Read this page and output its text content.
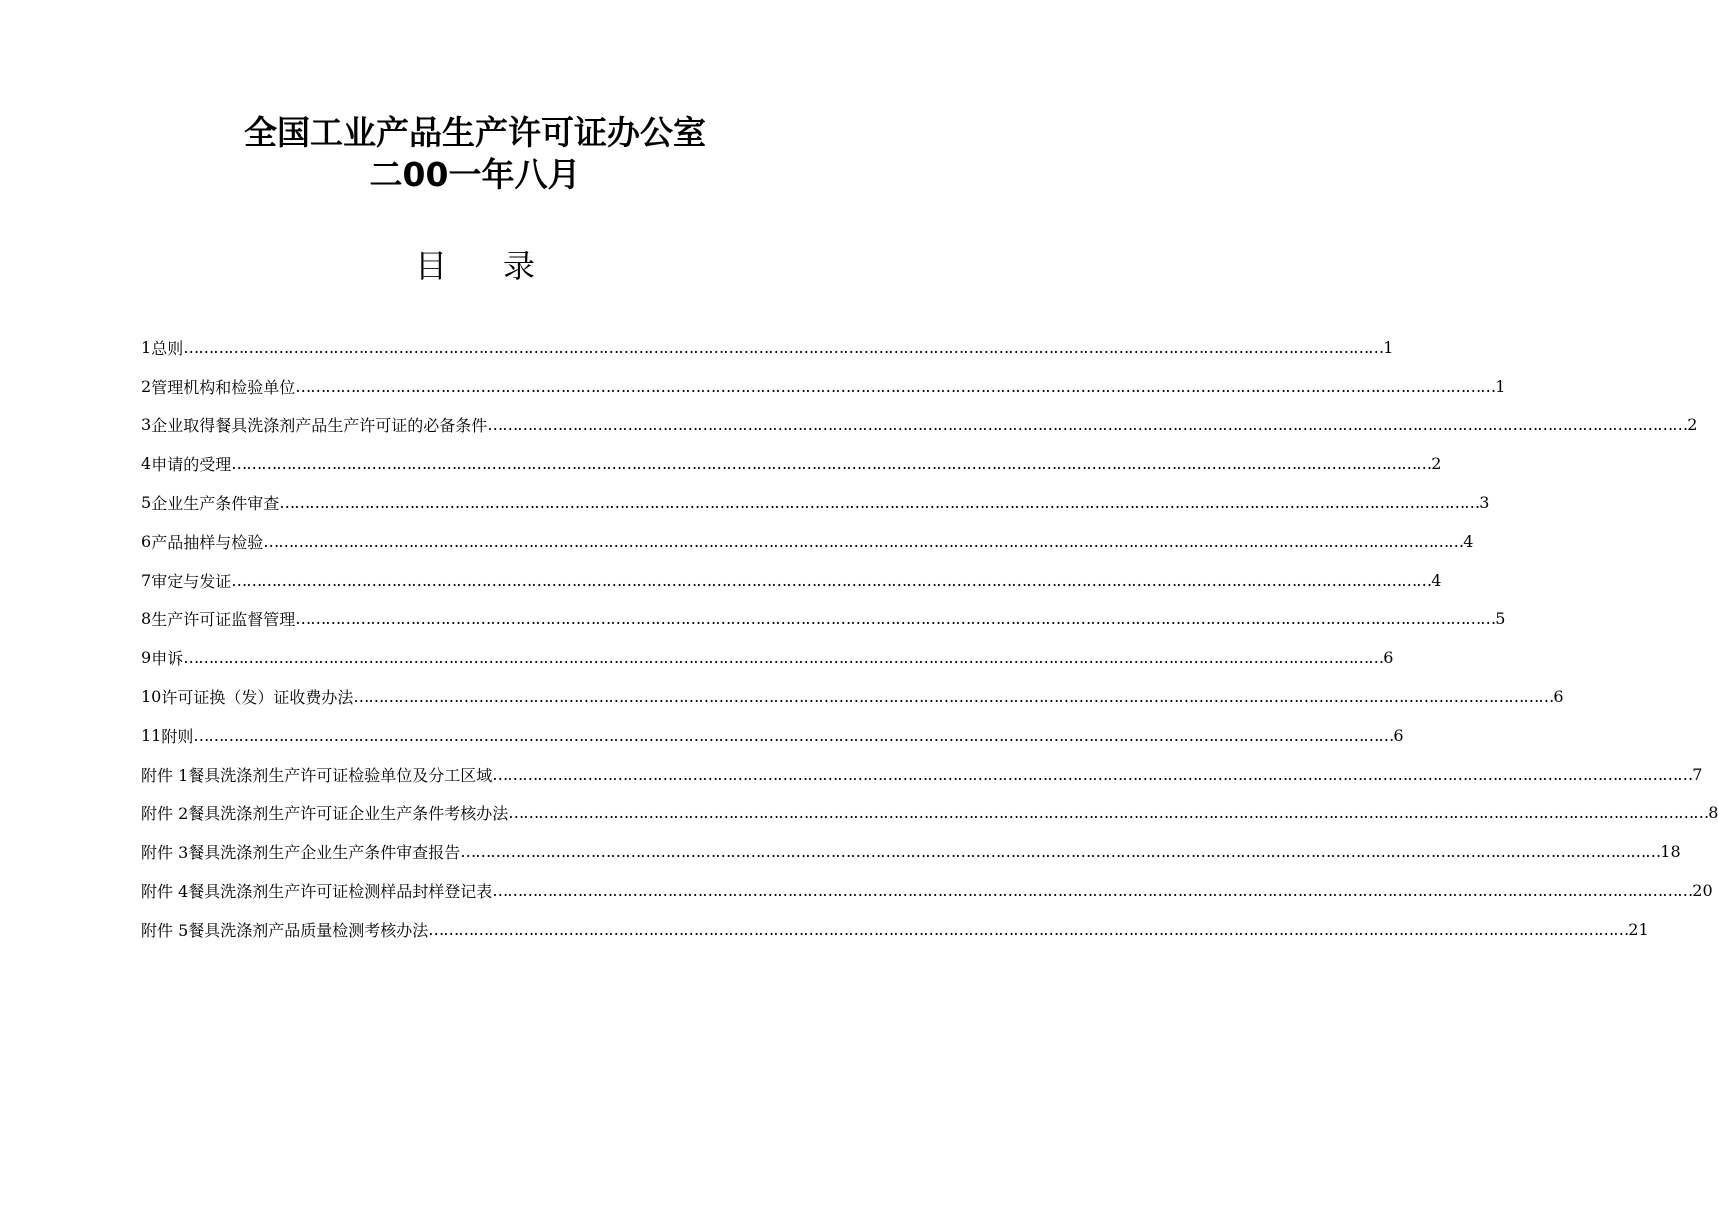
全国工业产品生产许可证办公室
二00一年八月
目 录
1 总则 …………………………………………………………………………………………………………………………………………………………………………………………………………………… 1
2 管理机构和检验单位 …………………………………………………………………………………………………………………………………………………………………………………………………………………… 1
3 企业取得餐具洗涤剂产品生产许可证的必备条件 …………………………………………………………………………………………………………………………………………………………………………………………………………………… 2
4 申请的受理 …………………………………………………………………………………………………………………………………………………………………………………………………………………… 2
5 企业生产条件审查 …………………………………………………………………………………………………………………………………………………………………………………………………………………… 3
6 产品抽样与检验 …………………………………………………………………………………………………………………………………………………………………………………………………………………… 4
7 审定与发证 …………………………………………………………………………………………………………………………………………………………………………………………………………………… 4
8 生产许可证监督管理 …………………………………………………………………………………………………………………………………………………………………………………………………………………… 5
9 申诉 …………………………………………………………………………………………………………………………………………………………………………………………………………………… 6
10 许可证换（发）证收费办法 …………………………………………………………………………………………………………………………………………………………………………………………………………………… 6
11 附则 …………………………………………………………………………………………………………………………………………………………………………………………………………………… 6
附件 1 餐具洗涤剂生产许可证检验单位及分工区域 …………………………………………………………………………………………………………………………………………………………………………………………………………………… 7
附件 2 餐具洗涤剂生产许可证企业生产条件考核办法 …………………………………………………………………………………………………………………………………………………………………………………………………………………… 8
附件 3 餐具洗涤剂生产企业生产条件审查报告 …………………………………………………………………………………………………………………………………………………………………………………………………………………… 18
附件 4 餐具洗涤剂生产许可证检测样品封样登记表 …………………………………………………………………………………………………………………………………………………………………………………………………………………… 20
附件 5 餐具洗涤剂产品质量检测考核办法 …………………………………………………………………………………………………………………………………………………………………………………………………………………… 21
